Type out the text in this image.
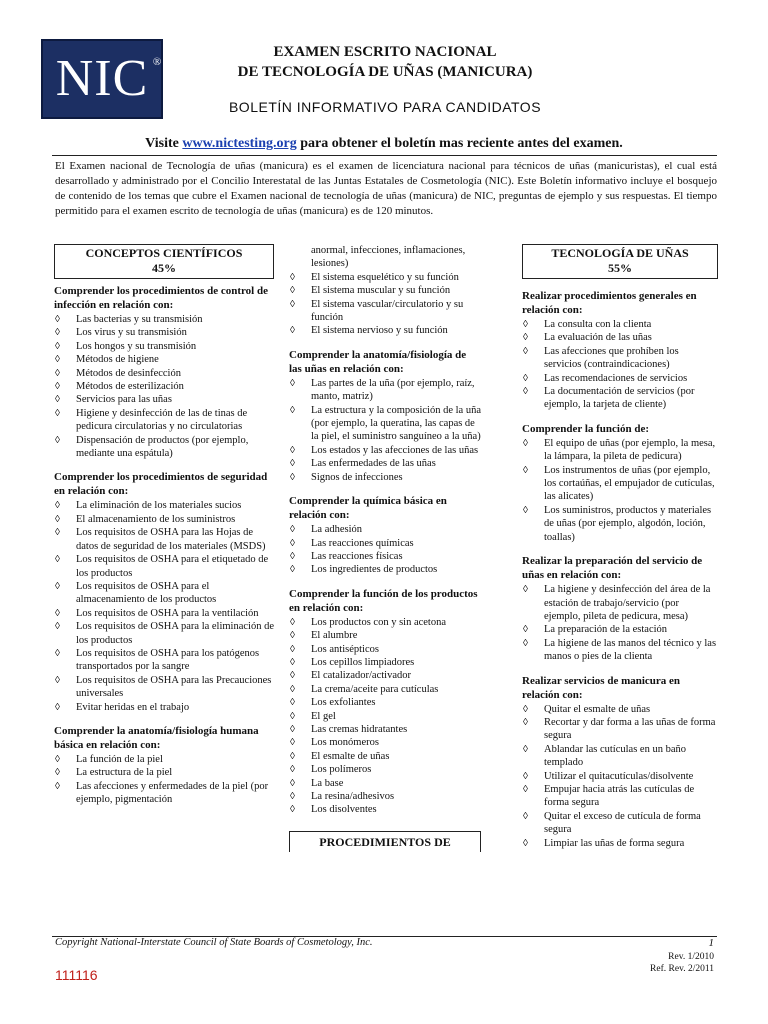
NIC ®
EXAMEN ESCRITO NACIONAL
DE TECNOLOGÍA DE UÑAS (MANICURA)
BOLETÍN INFORMATIVO PARA CANDIDATOS
Visite www.nictesting.org para obtener el boletín mas reciente antes del examen.
El Examen nacional de Tecnología de uñas (manicura) es el examen de licenciatura nacional para técnicos de uñas (manicuristas), el cual está desarrollado y administrado por el Concilio Interestatal de las Juntas Estatales de Cosmetología (NIC). Este Boletín informativo incluye el bosquejo de contenido de los temas que cubre el Examen nacional de tecnología de uñas (manicura) de NIC, preguntas de ejemplo y sus respuestas. El tiempo permitido para el examen escrito de tecnología de uñas (manicura) es de 120 minutos.
CONCEPTOS CIENTÍFICOS
45%
Comprender los procedimientos de control de infección en relación con:
◊ Las bacterias y su transmisión
◊ Los virus y su transmisión
◊ Los hongos y su transmisión
◊ Métodos de higiene
◊ Métodos de desinfección
◊ Métodos de esterilización
◊ Servicios para las uñas
◊ Higiene y desinfección de las de tinas de pedicura circulatorias y no circulatorias
◊ Dispensación de productos (por ejemplo, mediante una espátula)
Comprender los procedimientos de seguridad en relación con:
◊ La eliminación de los materiales sucios
◊ El almacenamiento de los suministros
◊ Los requisitos de OSHA para las Hojas de datos de seguridad de los materiales (MSDS)
◊ Los requisitos de OSHA para el etiquetado de los productos
◊ Los requisitos de OSHA para el almacenamiento de los productos
◊ Los requisitos de OSHA para la ventilación
◊ Los requisitos de OSHA para la eliminación de los productos
◊ Los requisitos de OSHA para los patógenos transportados por la sangre
◊ Los requisitos de OSHA para las Precauciones universales
◊ Evitar heridas en el trabajo
Comprender la anatomía/fisiología humana básica en relación con:
◊ La función de la piel
◊ La estructura de la piel
◊ Las afecciones y enfermedades de la piel (por ejemplo, pigmentación
anormal, infecciones, inflamaciones, lesiones)
◊ El sistema esquelético y su función
◊ El sistema muscular y su función
◊ El sistema vascular/circulatorio y su función
◊ El sistema nervioso y su función
Comprender la anatomía/fisiología de las uñas en relación con:
◊ Las partes de la uña (por ejemplo, raíz, manto, matriz)
◊ La estructura y la composición de la uña (por ejemplo, la queratina, las capas de la piel, el suministro sanguíneo a la uña)
◊ Los estados y las afecciones de las uñas
◊ Las enfermedades de las uñas
◊ Signos de infecciones
Comprender la química básica en relación con:
◊ La adhesión
◊ Las reacciones químicas
◊ Las reacciones físicas
◊ Los ingredientes de productos
Comprender la función de los productos en relación con:
◊ Los productos con y sin acetona
◊ El alumbre
◊ Los antisépticos
◊ Los cepillos limpiadores
◊ El catalizador/activador
◊ La crema/aceite para cutículas
◊ Los exfoliantes
◊ El gel
◊ Las cremas hidratantes
◊ Los monómeros
◊ El esmalte de uñas
◊ Los polímeros
◊ La base
◊ La resina/adhesivos
◊ Los disolventes
PROCEDIMIENTOS DE
TECNOLOGÍA DE UÑAS
55%
Realizar procedimientos generales en relación con:
◊ La consulta con la clienta
◊ La evaluación de las uñas
◊ Las afecciones que prohíben los servicios (contraindicaciones)
◊ Las recomendaciones de servicios
◊ La documentación de servicios (por ejemplo, la tarjeta de cliente)
Comprender la función de:
◊ El equipo de uñas (por ejemplo, la mesa, la lámpara, la pileta de pedicura)
◊ Los instrumentos de uñas (por ejemplo, los cortaúñas, el empujador de cutículas, las alicates)
◊ Los suministros, productos y materiales de uñas (por ejemplo, algodón, loción, toallas)
Realizar la preparación del servicio de uñas en relación con:
◊ La higiene y desinfección del área de la estación de trabajo/servicio (por ejemplo, pileta de pedicura, mesa)
◊ La preparación de la estación
◊ La higiene de las manos del técnico y las manos o pies de la clienta
Realizar servicios de manicura en relación con:
◊ Quitar el esmalte de uñas
◊ Recortar y dar forma a las uñas de forma segura
◊ Ablandar las cutículas en un baño templado
◊ Utilizar el quitacutículas/disolvente
◊ Empujar hacia atrás las cutículas de forma segura
◊ Quitar el exceso de cutícula de forma segura
◊ Limpiar las uñas de forma segura
Copyright National-Interstate Council of State Boards of Cosmetology, Inc.	1
Rev. 1/2010
Ref. Rev. 2/2011
111116
